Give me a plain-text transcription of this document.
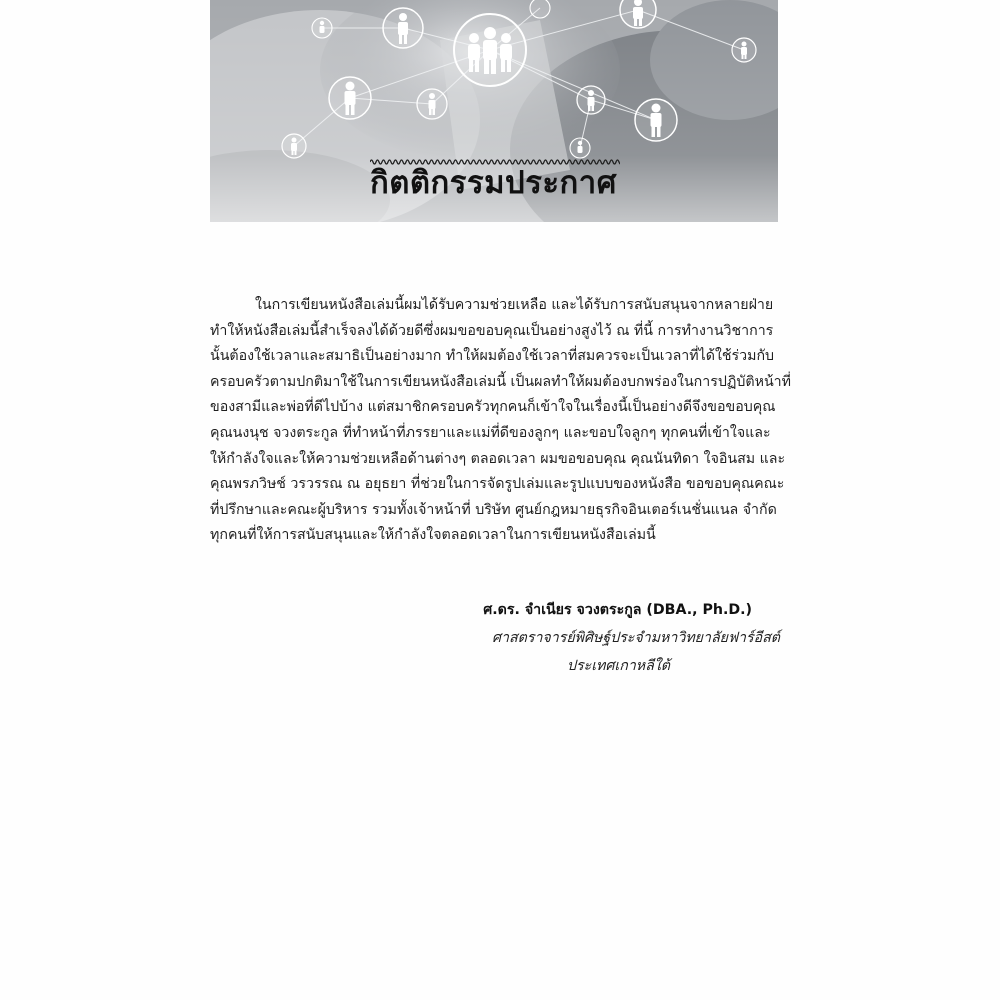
กิตติกรรมประกาศ
ในการเขียนหนังสือเล่มนี้ผมได้รับความช่วยเหลือ และได้รับการสนับสนุนจากหลายฝ่าย
ทำให้หนังสือเล่มนี้สำเร็จลงได้ด้วยดีซึ่งผมขอขอบคุณเป็นอย่างสูงไว้ ณ ที่นี้ การทำงานวิชาการ
นั้นต้องใช้เวลาและสมาธิเป็นอย่างมาก ทำให้ผมต้องใช้เวลาที่สมควรจะเป็นเวลาที่ได้ใช้ร่วมกับ
ครอบครัวตามปกติมาใช้ในการเขียนหนังสือเล่มนี้ เป็นผลทำให้ผมต้องบกพร่องในการปฏิบัติหน้าที่
ของสามีและพ่อที่ดีไปบ้าง แต่สมาชิกครอบครัวทุกคนก็เข้าใจในเรื่องนี้เป็นอย่างดีจึงขอขอบคุณ
คุณนงนุช จวงตระกูล ที่ทำหน้าที่ภรรยาและแม่ที่ดีของลูกๆ และขอบใจลูกๆ ทุกคนที่เข้าใจและ
ให้กำลังใจและให้ความช่วยเหลือด้านต่างๆ ตลอดเวลา ผมขอขอบคุณ คุณนันทิดา ใจอินสม และ
คุณพรภวิษช์ วรวรรณ ณ อยุธยา ที่ช่วยในการจัดรูปเล่มและรูปแบบของหนังสือ ขอขอบคุณคณะ
ที่ปรึกษาและคณะผู้บริหาร รวมทั้งเจ้าหน้าที่ บริษัท ศูนย์กฎหมายธุรกิจอินเตอร์เนชั่นแนล จำกัด
ทุกคนที่ให้การสนับสนุนและให้กำลังใจตลอดเวลาในการเขียนหนังสือเล่มนี้
ศ.ดร. จำเนียร จวงตระกูล (DBA., Ph.D.)
ศาสตราจารย์พิศิษฐ์ประจำมหาวิทยาลัยฟาร์อีสต์
ประเทศเกาหลีใต้
